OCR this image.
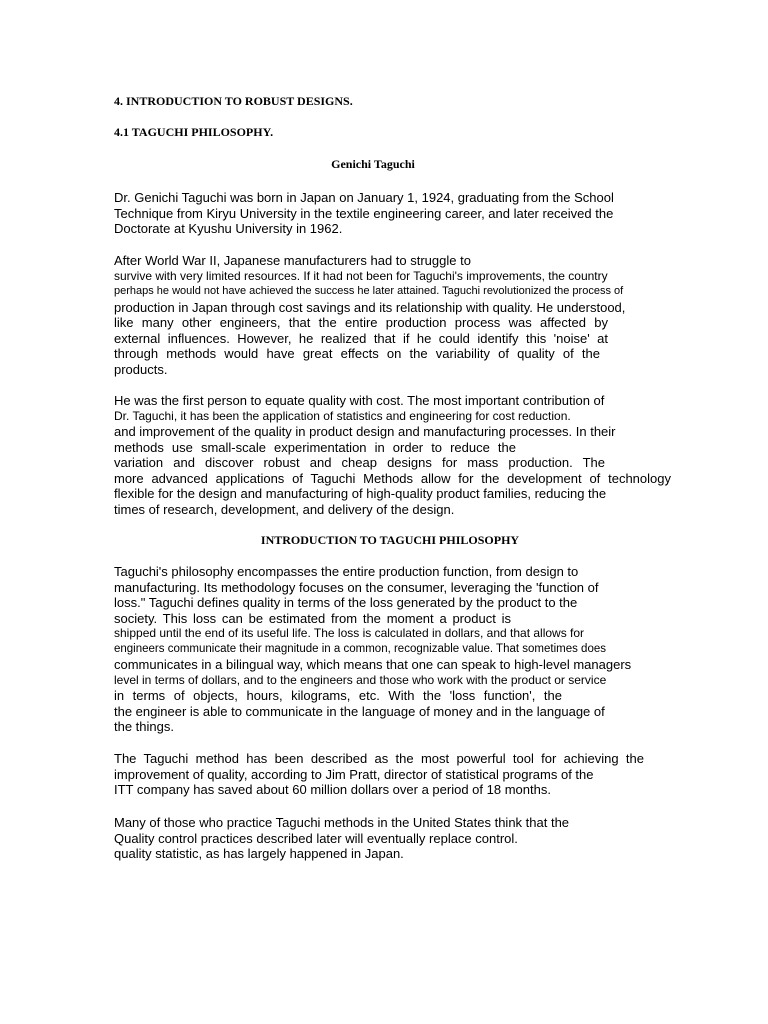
4. INTRODUCTION TO ROBUST DESIGNS.
4.1 TAGUCHI PHILOSOPHY.
Genichi Taguchi
Dr. Genichi Taguchi was born in Japan on January 1, 1924, graduating from the School
Technique from Kiryu University in the textile engineering career, and later received the
Doctorate at Kyushu University in 1962.
After World War II, Japanese manufacturers had to struggle to
survive with very limited resources. If it had not been for Taguchi's improvements, the country
perhaps he would not have achieved the success he later attained. Taguchi revolutionized the process of
production in Japan through cost savings and its relationship with quality. He understood,
like many other engineers, that the entire production process was affected by
external influences. However, he realized that if he could identify this 'noise' at
through methods would have great effects on the variability of quality of the
products.
He was the first person to equate quality with cost. The most important contribution of
Dr. Taguchi, it has been the application of statistics and engineering for cost reduction.
and improvement of the quality in product design and manufacturing processes. In their
methods use small-scale experimentation in order to reduce the
variation and discover robust and cheap designs for mass production. The
more advanced applications of Taguchi Methods allow for the development of technology
flexible for the design and manufacturing of high-quality product families, reducing the
times of research, development, and delivery of the design.
INTRODUCTION TO TAGUCHI PHILOSOPHY
Taguchi's philosophy encompasses the entire production function, from design to
manufacturing. Its methodology focuses on the consumer, leveraging the 'function of
loss." Taguchi defines quality in terms of the loss generated by the product to the
society. This loss can be estimated from the moment a product is
shipped until the end of its useful life. The loss is calculated in dollars, and that allows for
engineers communicate their magnitude in a common, recognizable value. That sometimes does
communicates in a bilingual way, which means that one can speak to high-level managers
level in terms of dollars, and to the engineers and those who work with the product or service
in terms of objects, hours, kilograms, etc. With the 'loss function', the
the engineer is able to communicate in the language of money and in the language of
the things.
The Taguchi method has been described as the most powerful tool for achieving the
improvement of quality, according to Jim Pratt, director of statistical programs of the
ITT company has saved about 60 million dollars over a period of 18 months.
Many of those who practice Taguchi methods in the United States think that the
Quality control practices described later will eventually replace control.
quality statistic, as has largely happened in Japan.
